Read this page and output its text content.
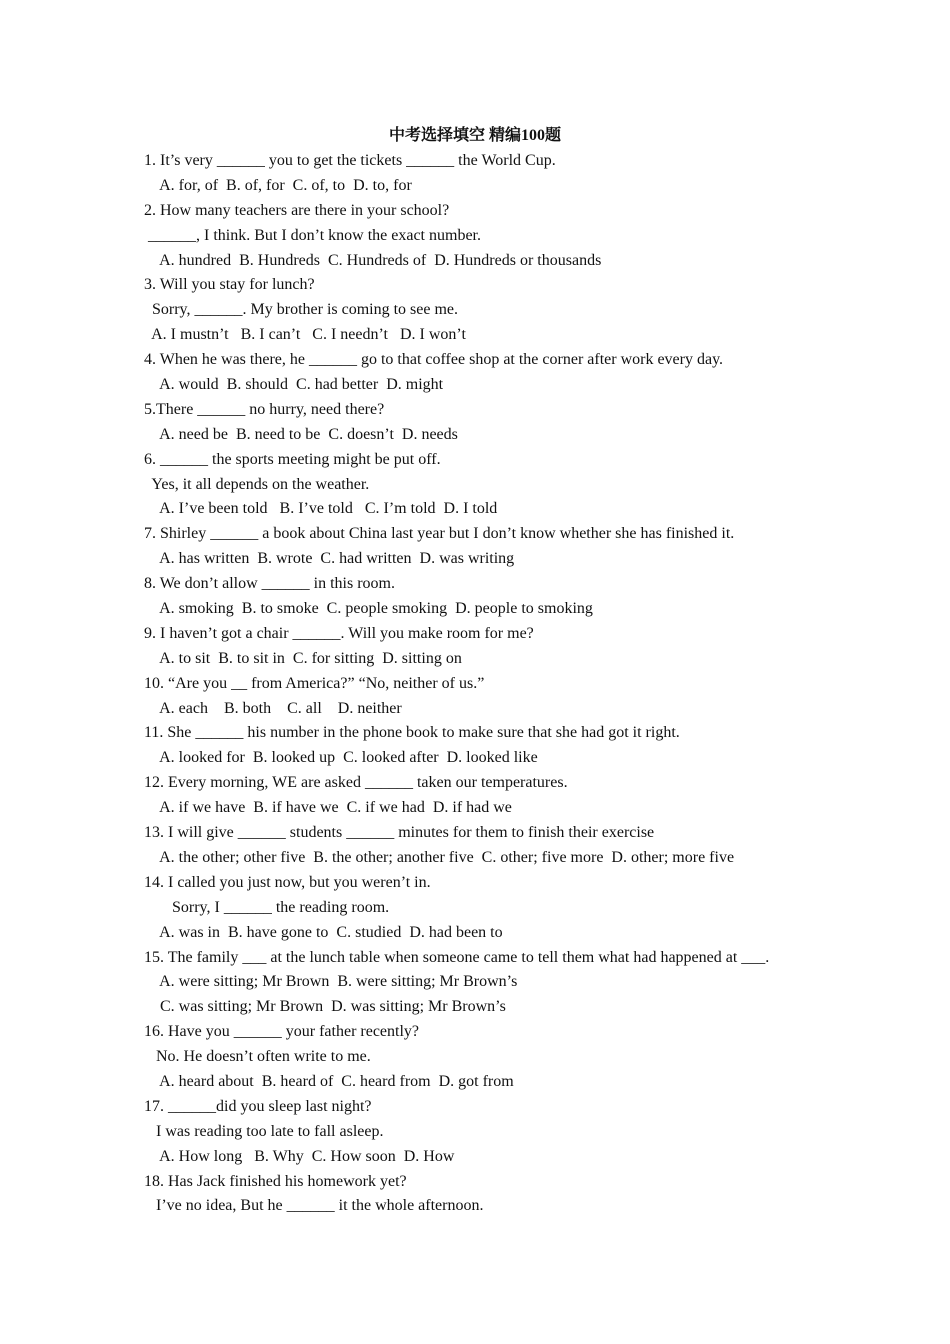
中考选择填空 精编100题
1. It’s very ______ you to get the tickets ______ the World Cup.
A. for, of  B. of, for  C. of, to  D. to, for
2. How many teachers are there in your school?
______, I think. But I don’t know the exact number.
A. hundred  B. Hundreds  C. Hundreds of  D. Hundreds or thousands
3. Will you stay for lunch?
Sorry, ______. My brother is coming to see me.
A. I mustn’t   B. I can’t   C. I needn’t   D. I won’t
4. When he was there, he ______ go to that coffee shop at the corner after work every day.
A. would  B. should  C. had better  D. might
5.There ______ no hurry, need there?
A. need be  B. need to be  C. doesn’t  D. needs
6. ______ the sports meeting might be put off.
Yes, it all depends on the weather.
A. I’ve been told   B. I’ve told   C. I’m told  D. I told
7. Shirley ______ a book about China last year but I don’t know whether she has finished it.
A. has written  B. wrote  C. had written  D. was writing
8. We don’t allow ______ in this room.
A. smoking  B. to smoke  C. people smoking  D. people to smoking
9. I haven’t got a chair ______. Will you make room for me?
A. to sit  B. to sit in  C. for sitting  D. sitting on
10. “Are you __ from America?” “No, neither of us.”
A. each    B. both    C. all    D. neither
11. She ______ his number in the phone book to make sure that she had got it right.
A. looked for  B. looked up  C. looked after  D. looked like
12. Every morning, WE are asked ______ taken our temperatures.
A. if we have  B. if have we  C. if we had  D. if had we
13. I will give ______ students ______ minutes for them to finish their exercise
A. the other; other five  B. the other; another five  C. other; five more  D. other; more five
14. I called you just now, but you weren’t in.
Sorry, I ______ the reading room.
A. was in  B. have gone to  C. studied  D. had been to
15. The family ___ at the lunch table when someone came to tell them what had happened at ___.
A. were sitting; Mr Brown  B. were sitting; Mr Brown’s
C. was sitting; Mr Brown  D. was sitting; Mr Brown’s
16. Have you ______ your father recently?
No. He doesn’t often write to me.
A. heard about  B. heard of  C. heard from  D. got from
17. ______did you sleep last night?
I was reading too late to fall asleep.
A. How long   B. Why  C. How soon  D. How
18. Has Jack finished his homework yet?
I’ve no idea, But he ______ it the whole afternoon.
